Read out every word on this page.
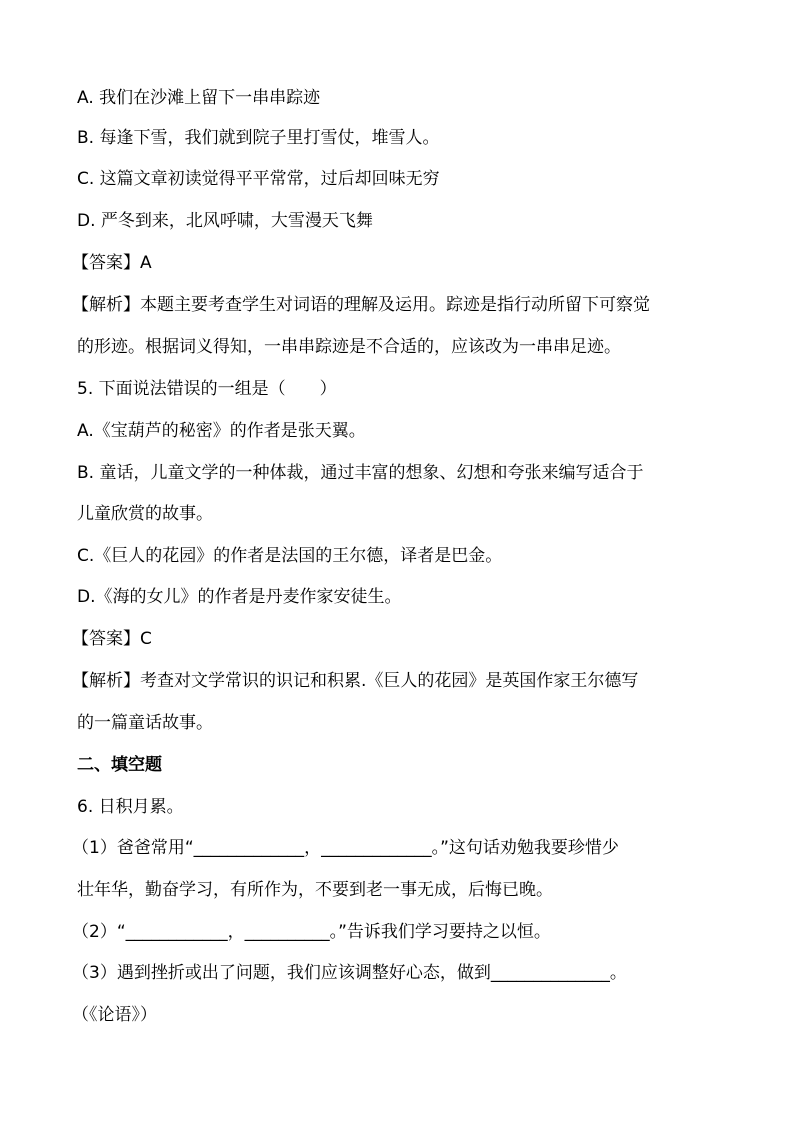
A. 我们在沙滩上留下一串串踪迹
B. 每逢下雪，我们就到院子里打雪仗，堆雪人。
C. 这篇文章初读觉得平平常常，过后却回味无穷
D. 严冬到来，北风呼啸，大雪漫天飞舞
【答案】A
【解析】本题主要考查学生对词语的理解及运用。踪迹是指行动所留下可察觉
的形迹。根据词义得知，一串串踪迹是不合适的，应该改为一串串足迹。
5. 下面说法错误的一组是（　　）
A.《宝葫芦的秘密》的作者是张天翼。
B. 童话，儿童文学的一种体裁，通过丰富的想象、幻想和夸张来编写适合于
儿童欣赏的故事。
C.《巨人的花园》的作者是法国的王尔德，译者是巴金。
D.《海的女儿》的作者是丹麦作家安徒生。
【答案】C
【解析】考查对文学常识的识记和积累.《巨人的花园》是英国作家王尔德写
的一篇童话故事。
二、填空题
6. 日积月累。
（1）爸爸常用“_____________，_____________。”这句话劝勉我要珍惜少
壮年华，勤奋学习，有所作为，不要到老一事无成，后悔已晚。
（2）“____________，__________。”告诉我们学习要持之以恒。
（3）遇到挫折或出了问题，我们应该调整好心态，做到______________。
（《论语》）
